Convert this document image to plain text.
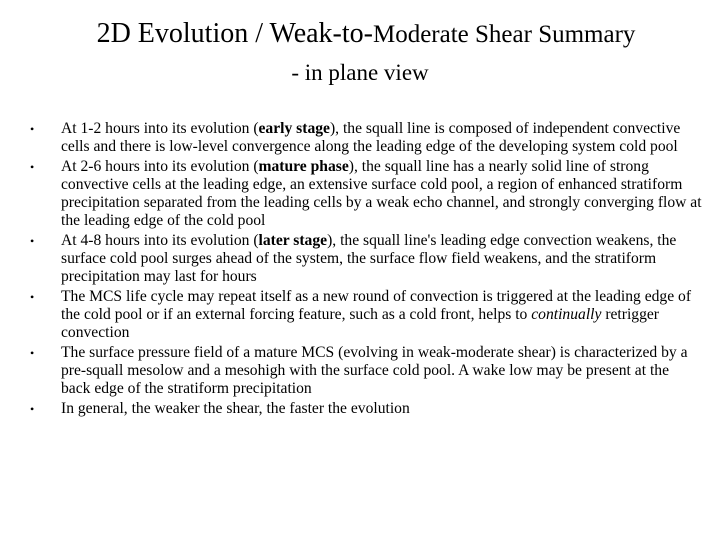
2D Evolution / Weak-to-Moderate Shear Summary
- in plane view
• At 1-2 hours into its evolution (early stage), the squall line is composed of independent convective cells and there is low-level convergence along the leading edge of the developing system cold pool
• At 2-6 hours into its evolution (mature phase), the squall line has a nearly solid line of strong convective cells at the leading edge, an extensive surface cold pool, a region of enhanced stratiform precipitation separated from the leading cells by a weak echo channel, and strongly converging flow at the leading edge of the cold pool
• At 4-8 hours into its evolution (later stage), the squall line's leading edge convection weakens, the surface cold pool surges ahead of the system, the surface flow field weakens, and the stratiform precipitation may last for hours
• The MCS life cycle may repeat itself as a new round of convection is triggered at the leading edge of the cold pool or if an external forcing feature, such as a cold front, helps to continually retrigger convection
• The surface pressure field of a mature MCS (evolving in weak-moderate shear) is characterized by a pre-squall mesolow and a mesohigh with the surface cold pool. A wake low may be present at the back edge of the stratiform precipitation
• In general, the weaker the shear, the faster the evolution
